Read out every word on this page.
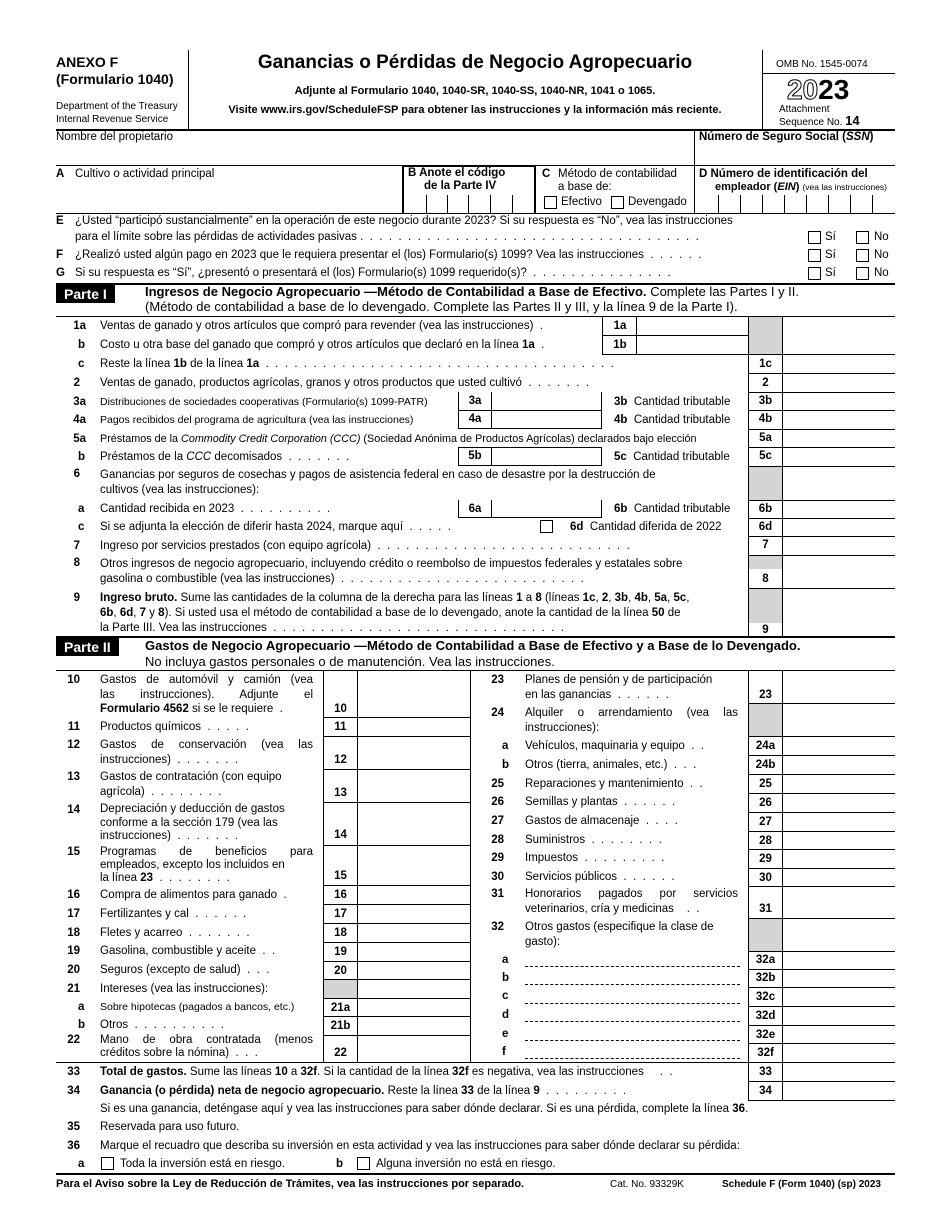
ANEXO F
(Formulario 1040)
Department of the Treasury
Internal Revenue Service
Ganancias o Pérdidas de Negocio Agropecuario
Adjunte al Formulario 1040, 1040-SR, 1040-SS, 1040-NR, 1041 o 1065.
Visite www.irs.gov/ScheduleFSP para obtener las instrucciones y la información más reciente.
OMB No. 1545-0074
2023
Attachment
Sequence No. 14
Nombre del propietario	Número de Seguro Social (SSN)
A Cultivo o actividad principal	B Anote el código
de la Parte IV
C Método de contabilidad
a base de:
Efectivo Devengado
D Número de identificación del
empleador (EIN) (vea las instrucciones)
E ¿Usted “participó sustancialmente” en la operación de este negocio durante 2023? Si su respuesta es “No”, vea las instrucciones
para el límite sobre las pérdidas de actividades pasivas .  .  .  .  .  .  .  .  .  .  .  .  .  .  .  .  .  .  .  .  .  .  .  .  .  .  .  .  .  .  .  .  .  .  .  .	Sí	No
F ¿Realizó usted algún pago en 2023 que le requiera presentar el (los) Formulario(s) 1099? Vea las instrucciones  .  .  .  .  .  .	Sí	No
G Si su respuesta es “Sí”, ¿presentó o presentará el (los) Formulario(s) 1099 requerido(s)?  .  .  .  .  .  .  .  .  .  .  .  .  .  .  .	Sí	No
Parte I	Ingresos de Negocio Agropecuario —Método de Contabilidad a Base de Efectivo. Complete las Partes I y II.
(Método de contabilidad a base de lo devengado. Complete las Partes II y III, y la línea 9 de la Parte I).
1a Ventas de ganado y otros artículos que compró para revender (vea las instrucciones)  .	1a
b Costo u otra base del ganado que compró y otros artículos que declaró en la línea 1a  .	1b
c Reste la línea 1b de la línea 1a  .  .  .  .  .  .  .  .  .  .  .  .  .  .  .  .  .  .  .  .  .  .  .  .  .  .  .  .  .  .  .  .  .  .  .  .  .	1c
2 Ventas de ganado, productos agrícolas, granos y otros productos que usted cultivó  .  .  .  .  .  .  .	2
3a Distribuciones de sociedades cooperativas (Formulario(s) 1099-PATR)	3a	3b Cantidad tributable	3b
4a Pagos recibidos del programa de agricultura (vea las instrucciones)	4a	4b Cantidad tributable	4b
5a Préstamos de la Commodity Credit Corporation (CCC) (Sociedad Anónima de Productos Agrícolas) declarados bajo elección	5a
b Préstamos de la CCC decomisados  .  .  .  .  .  .  .	5b	5c Cantidad tributable	5c
6 Ganancias por seguros de cosechas y pagos de asistencia federal en caso de desastre por la destrucción de
cultivos (vea las instrucciones):
a Cantidad recibida en 2023  .  .  .  .  .  .  .  .  .  .	6a	6b Cantidad tributable	6b
c Si se adjunta la elección de diferir hasta 2024, marque aquí  .  .  .  .  .	6d Cantidad diferida de 2022	6d
7 Ingreso por servicios prestados (con equipo agrícola)  .  .  .  .  .  .  .  .  .  .  .  .  .  .  .  .  .  .  .  .  .  .  .  .  .  .  .	7
8 Otros ingresos de negocio agropecuario, incluyendo crédito o reembolso de impuestos federales y estatales sobre
gasolina o combustible (vea las instrucciones)  .  .  .  .  .  .  .  .  .  .  .  .  .  .  .  .  .  .  .  .  .  .  .  .  .  .	8
9 Ingreso bruto. Sume las cantidades de la columna de la derecha para las líneas 1 a 8 (líneas 1c, 2, 3b, 4b, 5a, 5c,
6b, 6d, 7 y 8). Si usted usa el método de contabilidad a base de lo devengado, anote la cantidad de la línea 50 de
la Parte III. Vea las instrucciones  .  .  .  .  .  .  .  .  .  .  .  .  .  .  .  .  .  .  .  .  .  .  .  .  .  .  .  .  .  .  .	9
Parte II	Gastos de Negocio Agropecuario —Método de Contabilidad a Base de Efectivo y a Base de lo Devengado.
No incluya gastos personales o de manutención. Vea las instrucciones.
10 Gastos de automóvil y camión (vea
las instrucciones). Adjunte el
Formulario 4562 si se le requiere  .	10
11 Productos químicos  .  .  .  .  .	11
12 Gastos de conservación (vea las
instrucciones)  .  .  .  .  .  .  .	12
13 Gastos de contratación (con equipo
agrícola)  .  .  .  .  .  .  .  .	13
14 Depreciación y deducción de gastos
conforme a la sección 179 (vea las
instrucciones)  .  .  .  .  .  .  .	14
15 Programas de beneficios para
empleados, excepto los incluidos en
la línea 23  .  .  .  .  .  .  .  .	15
16 Compra de alimentos para ganado  .	16
17 Fertilizantes y cal  .  .  .  .  .  .	17
18 Fletes y acarreo  .  .  .  .  .  .  .	18
19 Gasolina, combustible y aceite  .  .	19
20 Seguros (excepto de salud)  .  .  .	20
21 Intereses (vea las instrucciones):
a Sobre hipotecas (pagados a bancos, etc.)	21a
b Otros  .  .  .  .  .  .  .  .  .  .	21b
22 Mano de obra contratada (menos
créditos sobre la nómina)  .  .  .	22
23 Planes de pensión y de participación
en las ganancias  .  .  .  .  .  .	23
24 Alquiler o arrendamiento (vea las
instrucciones):
a Vehículos, maquinaria y equipo  .  .	24a
b Otros (tierra, animales, etc.)  .  .  .	24b
25 Reparaciones y mantenimiento  .  .	25
26 Semillas y plantas  .  .  .  .  .  .	26
27 Gastos de almacenaje  .  .  .  .	27
28 Suministros  .  .  .  .  .  .  .  .	28
29 Impuestos  .  .  .  .  .  .  .  .  .	29
30 Servicios públicos  .  .  .  .  .  .	30
31 Honorarios pagados por servicios
veterinarios, cría y medicinas    .  .	31
32 Otros gastos (especifique la clase de
gasto):
a	32a
b	32b
c	32c
d	32d
e	32e
f	32f
33 Total de gastos. Sume las líneas 10 a 32f. Si la cantidad de la línea 32f es negativa, vea las instrucciones     .  .	33
34 Ganancia (o pérdida) neta de negocio agropecuario. Reste la línea 33 de la línea 9  .  .  .  .  .  .  .  .  .	34
Si es una ganancia, deténgase aquí y vea las instrucciones para saber dónde declarar. Si es una pérdida, complete la línea 36.
35 Reservada para uso futuro.
36 Marque el recuadro que describa su inversión en esta actividad y vea las instrucciones para saber dónde declarar su pérdida:
a	Toda la inversión está en riesgo.	b	Alguna inversión no está en riesgo.
Para el Aviso sobre la Ley de Reducción de Trámites, vea las instrucciones por separado.	Cat. No. 93329K	Schedule F (Form 1040) (sp) 2023
